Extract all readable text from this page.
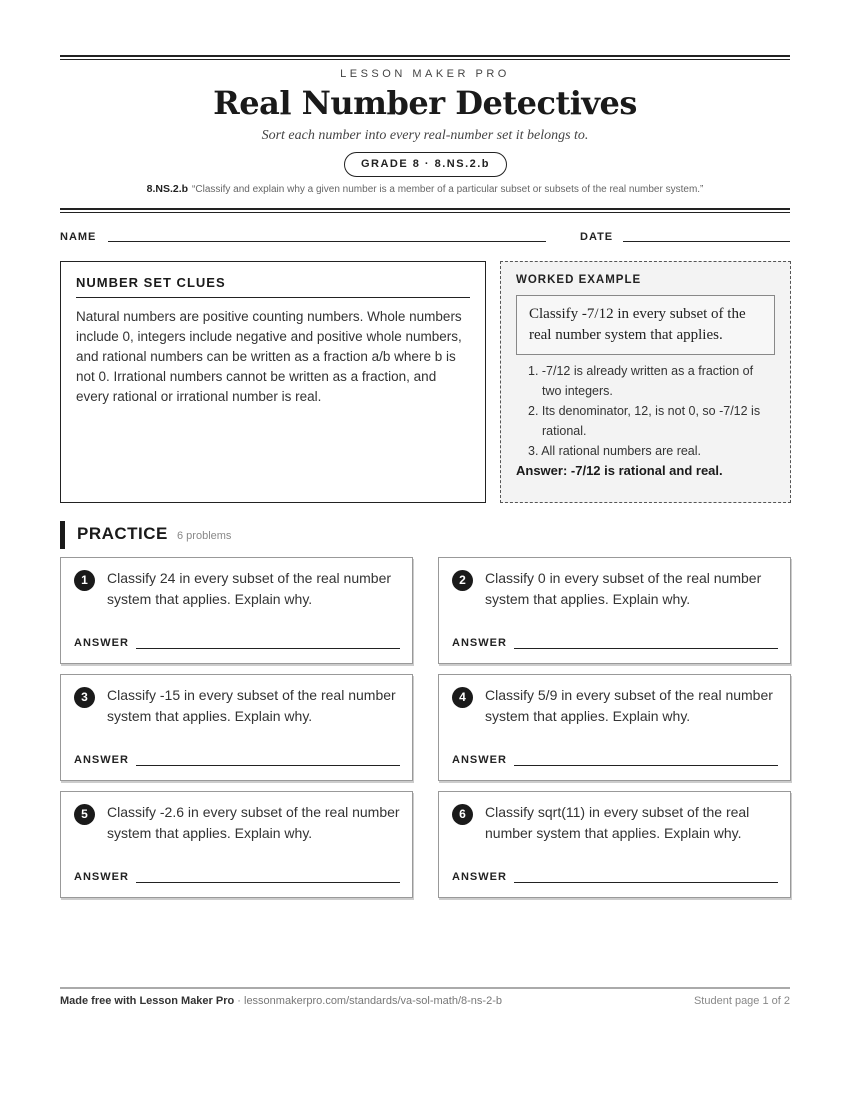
LESSON MAKER PRO
Real Number Detectives
Sort each number into every real-number set it belongs to.
GRADE 8 · 8.NS.2.b
8.NS.2.b “Classify and explain why a given number is a member of a particular subset or subsets of the real number system.”
NAME	DATE
NUMBER SET CLUES
Natural numbers are positive counting numbers. Whole numbers include 0, integers include negative and positive whole numbers, and rational numbers can be written as a fraction a/b where b is not 0. Irrational numbers cannot be written as a fraction, and every rational or irrational number is real.
WORKED EXAMPLE
Classify -7/12 in every subset of the real number system that applies.
1. -7/12 is already written as a fraction of two integers.
2. Its denominator, 12, is not 0, so -7/12 is rational.
3. All rational numbers are real.
Answer: -7/12 is rational and real.
PRACTICE 6 problems
1	Classify 24 in every subset of the real number system that applies. Explain why.
ANSWER
2	Classify 0 in every subset of the real number system that applies. Explain why.
ANSWER
3	Classify -15 in every subset of the real number system that applies. Explain why.
ANSWER
4	Classify 5/9 in every subset of the real number system that applies. Explain why.
ANSWER
5	Classify -2.6 in every subset of the real number system that applies. Explain why.
ANSWER
6	Classify sqrt(11) in every subset of the real number system that applies. Explain why.
ANSWER
Made free with Lesson Maker Pro · lessonmakerpro.com/standards/va-sol-math/8-ns-2-b	Student page 1 of 2
